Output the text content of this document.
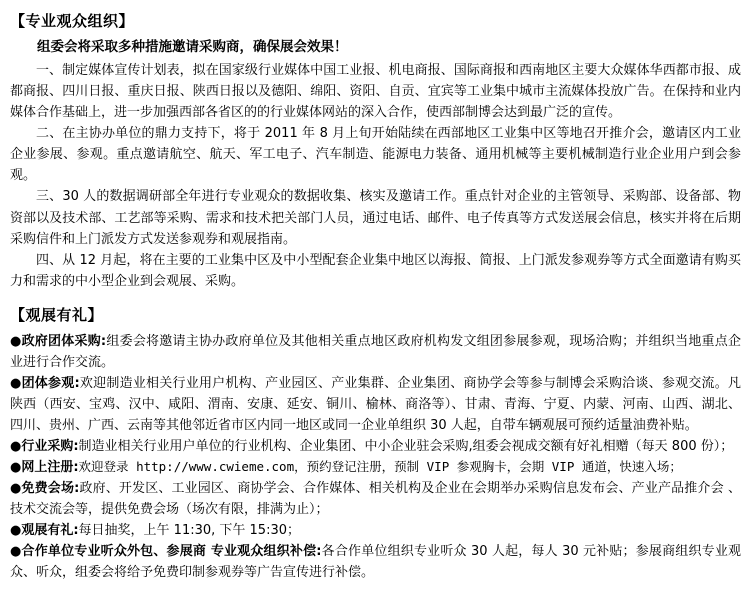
【专业观众组织】

组委会将采取多种措施邀请采购商，确保展会效果！

一、制定媒体宣传计划表，拟在国家级行业媒体中国工业报、机电商报、国际商报和西南地区主要大众媒体华西都市报、成都商报、四川日报、重庆日报、陕西日报以及德阳、绵阳、资阳、自贡、宜宾等工业集中城市主流媒体投放广告。在保持和业内媒体合作基础上，进一步加强西部各省区的的行业媒体网站的深入合作，使西部制博会达到最广泛的宣传。

二、在主协办单位的鼎力支持下，将于 2011 年 8 月上旬开始陆续在西部地区工业集中区等地召开推介会，邀请区内工业企业参展、参观。重点邀请航空、航天、军工电子、汽车制造、能源电力装备、通用机械等主要机械制造行业企业用户到会参观。

三、30 人的数据调研部全年进行专业观众的数据收集、核实及邀请工作。重点针对企业的主管领导、采购部、设备部、物资部以及技术部、工艺部等采购、需求和技术把关部门人员，通过电话、邮件、电子传真等方式发送展会信息，核实并将在后期采购信件和上门派发方式发送参观券和观展指南。

四、从 12 月起，将在主要的工业集中区及中小型配套企业集中地区以海报、简报、上门派发参观券等方式全面邀请有购买力和需求的中小型企业到会观展、采购。

【观展有礼】

●政府团体采购:组委会将邀请主协办政府单位及其他相关重点地区政府机构发文组团参展参观，现场洽购；并组织当地重点企业进行合作交流。

●团体参观:欢迎制造业相关行业用户机构、产业园区、产业集群、企业集团、商协学会等参与制博会采购洽谈、参观交流。凡陕西（西安、宝鸡、汉中、咸阳、渭南、安康、延安、铜川、榆林、商洛等）、甘肃、青海、宁夏、内蒙、河南、山西、湖北、四川、贵州、广西、云南等其他邻近省市区内同一地区或同一企业单组织 30 人起，自带车辆观展可预约适量油费补贴。

●行业采购:制造业相关行业用户单位的行业机构、企业集团、中小企业驻会采购,组委会视成交额有好礼相赠（每天 800 份）；

●网上注册:欢迎登录 http://www.cwieme.com，预约登记注册，预制 VIP 参观胸卡，会期 VIP 通道，快速入场；

●免费会场:政府、开发区、工业园区、商协学会、合作媒体、相关机构及企业在会期举办采购信息发布会、产业产品推介会 、技术交流会等，提供免费会场（场次有限，排满为止）；

●观展有礼:每日抽奖，上午 11:30, 下午 15:30；

●合作单位专业听众外包、参展商 专业观众组织补偿:各合作单位组织专业听众 30 人起，每人 30 元补贴；参展商组织专业观众、听众，组委会将给予免费印制参观券等广告宣传进行补偿。
